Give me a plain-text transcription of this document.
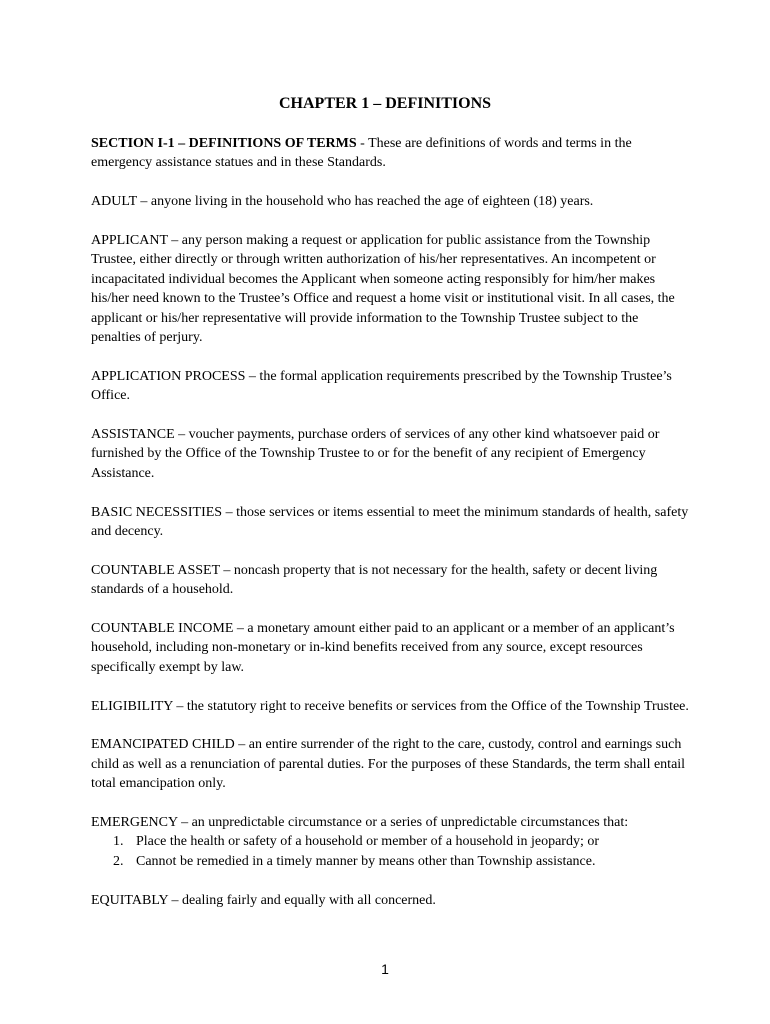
CHAPTER 1 – DEFINITIONS

SECTION I-1 – DEFINITIONS OF TERMS - These are definitions of words and terms in the emergency assistance statues and in these Standards.

ADULT – anyone living in the household who has reached the age of eighteen (18) years.

APPLICANT – any person making a request or application for public assistance from the Township Trustee, either directly or through written authorization of his/her representatives. An incompetent or incapacitated individual becomes the Applicant when someone acting responsibly for him/her makes his/her need known to the Trustee’s Office and request a home visit or institutional visit. In all cases, the applicant or his/her representative will provide information to the Township Trustee subject to the penalties of perjury.

APPLICATION PROCESS – the formal application requirements prescribed by the Township Trustee’s Office.

ASSISTANCE – voucher payments, purchase orders of services of any other kind whatsoever paid or furnished by the Office of the Township Trustee to or for the benefit of any recipient of Emergency Assistance.

BASIC NECESSITIES – those services or items essential to meet the minimum standards of health, safety and decency.

COUNTABLE ASSET – noncash property that is not necessary for the health, safety or decent living standards of a household.

COUNTABLE INCOME – a monetary amount either paid to an applicant or a member of an applicant’s household, including non-monetary or in-kind benefits received from any source, except resources specifically exempt by law.

ELIGIBILITY – the statutory right to receive benefits or services from the Office of the Township Trustee.

EMANCIPATED CHILD – an entire surrender of the right to the care, custody, control and earnings such child as well as a renunciation of parental duties. For the purposes of these Standards, the term shall entail total emancipation only.

EMERGENCY – an unpredictable circumstance or a series of unpredictable circumstances that:
1. Place the health or safety of a household or member of a household in jeopardy; or
2. Cannot be remedied in a timely manner by means other than Township assistance.

EQUITABLY – dealing fairly and equally with all concerned.

1
